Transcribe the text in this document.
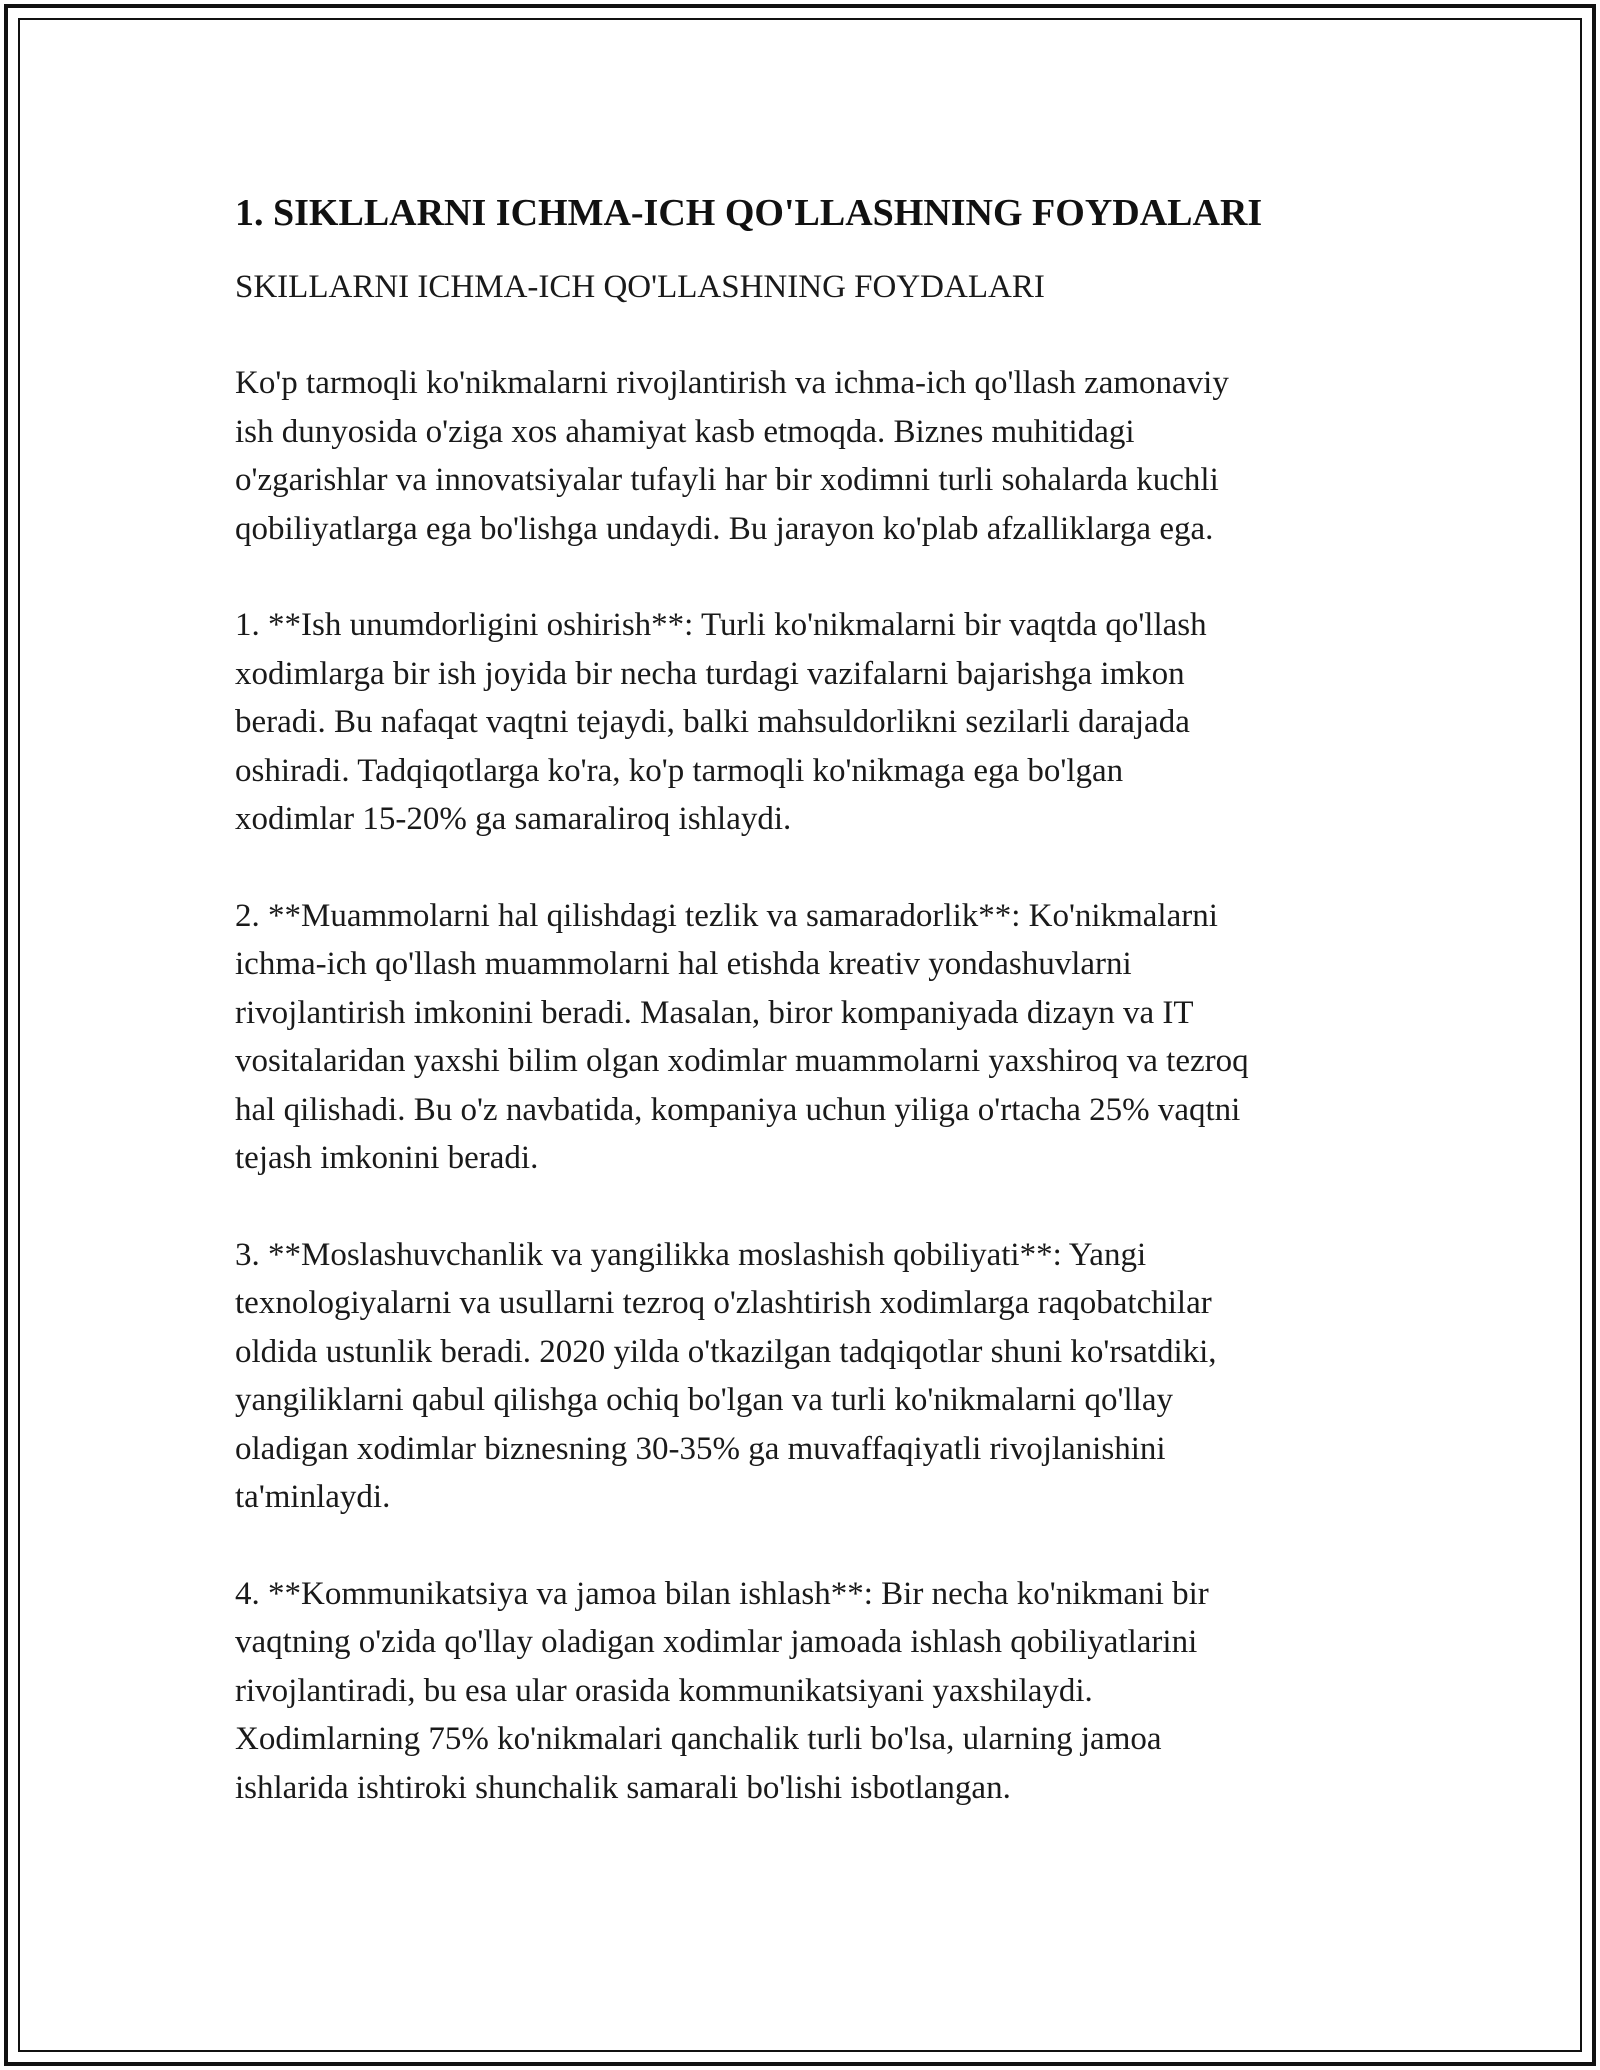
1. SIKLLARNI ICHMA-ICH QO'LLASHNING FOYDALARI

SKILLARNI ICHMA-ICH QO'LLASHNING FOYDALARI

Ko'p tarmoqli ko'nikmalarni rivojlantirish va ichma-ich qo'llash zamonaviy
ish dunyosida o'ziga xos ahamiyat kasb etmoqda. Biznes muhitidagi
o'zgarishlar va innovatsiyalar tufayli har bir xodimni turli sohalarda kuchli
qobiliyatlarga ega bo'lishga undaydi. Bu jarayon ko'plab afzalliklarga ega.

1. **Ish unumdorligini oshirish**: Turli ko'nikmalarni bir vaqtda qo'llash
xodimlarga bir ish joyida bir necha turdagi vazifalarni bajarishga imkon
beradi. Bu nafaqat vaqtni tejaydi, balki mahsuldorlikni sezilarli darajada
oshiradi. Tadqiqotlarga ko'ra, ko'p tarmoqli ko'nikmaga ega bo'lgan
xodimlar 15-20% ga samaraliroq ishlaydi.

2. **Muammolarni hal qilishdagi tezlik va samaradorlik**: Ko'nikmalarni
ichma-ich qo'llash muammolarni hal etishda kreativ yondashuvlarni
rivojlantirish imkonini beradi. Masalan, biror kompaniyada dizayn va IT
vositalaridan yaxshi bilim olgan xodimlar muammolarni yaxshiroq va tezroq
hal qilishadi. Bu o'z navbatida, kompaniya uchun yiliga o'rtacha 25% vaqtni
tejash imkonini beradi.

3. **Moslashuvchanlik va yangilikka moslashish qobiliyati**: Yangi
texnologiyalarni va usullarni tezroq o'zlashtirish xodimlarga raqobatchilar
oldida ustunlik beradi. 2020 yilda o'tkazilgan tadqiqotlar shuni ko'rsatdiki,
yangiliklarni qabul qilishga ochiq bo'lgan va turli ko'nikmalarni qo'llay
oladigan xodimlar biznesning 30-35% ga muvaffaqiyatli rivojlanishini
ta'minlaydi.

4. **Kommunikatsiya va jamoa bilan ishlash**: Bir necha ko'nikmani bir
vaqtning o'zida qo'llay oladigan xodimlar jamoada ishlash qobiliyatlarini
rivojlantiradi, bu esa ular orasida kommunikatsiyani yaxshilaydi.
Xodimlarning 75% ko'nikmalari qanchalik turli bo'lsa, ularning jamoa
ishlarida ishtiroki shunchalik samarali bo'lishi isbotlangan.
